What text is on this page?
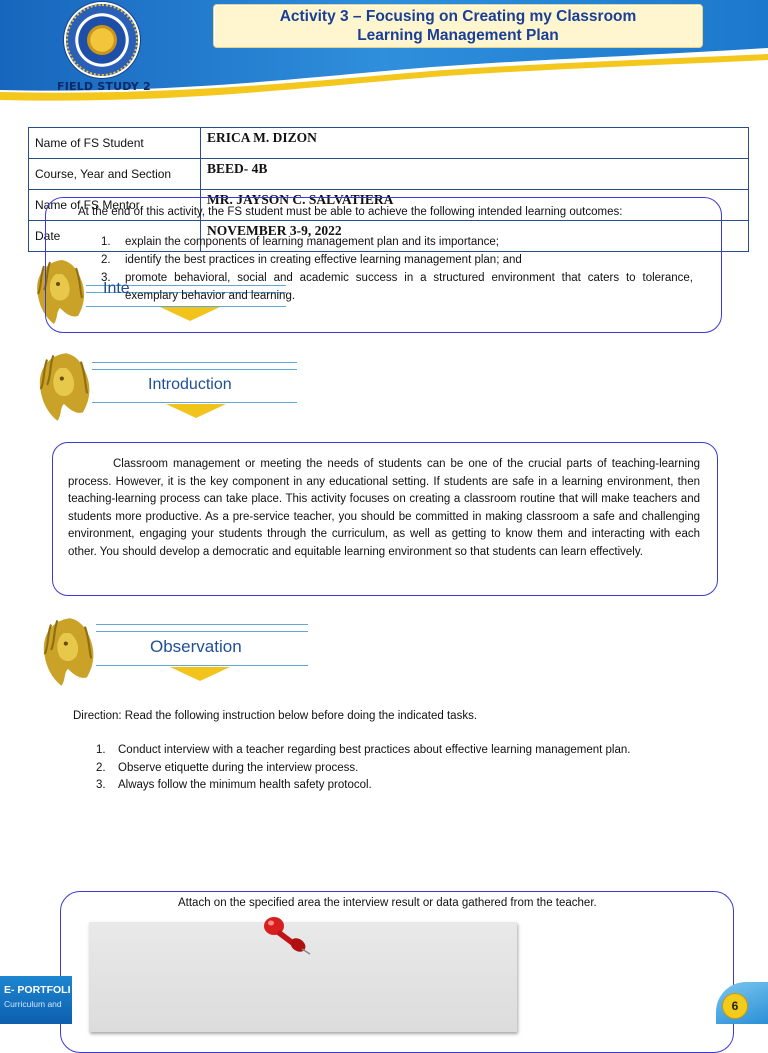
FIELD STUDY 2
Activity 3 – Focusing on Creating my Classroom
Learning Management Plan
Name of FS Student	ERICA M. DIZON
Course, Year and Section	BEED- 4B
Name of FS Mentor	MR. JAYSON C. SALVATIERA
Date	NOVEMBER 3-9, 2022
Inte
At the end of this activity, the FS student must be able to achieve the following intended learning outcomes:
1.	explain the components of learning management plan and its importance;
2.	identify the best practices in creating effective learning management plan; and
3.	promote behavioral, social and academic success in a structured environment that caters to tolerance, exemplary behavior and learning.
Introduction

Classroom management or meeting the needs of students can be one of the crucial parts of teaching-learning process. However, it is the key component in any educational setting. If students are safe in a learning environment, then teaching-learning process can take place. This activity focuses on creating a classroom routine that will make teachers and students more productive. As a pre-service teacher, you should be committed in making classroom a safe and challenging environment, engaging your students through the curriculum, as well as getting to know them and interacting with each other. You should develop a democratic and equitable learning environment so that students can learn effectively.

Observation
Direction: Read the following instruction below before doing the indicated tasks.
1.	Conduct interview with a teacher regarding best practices about effective learning management plan.
2.	Observe etiquette during the interview process.
3.	Always follow the minimum health safety protocol.
Attach on the specified area the interview result or data gathered from the teacher.
E- PORTFOLI
Curriculum and	6
